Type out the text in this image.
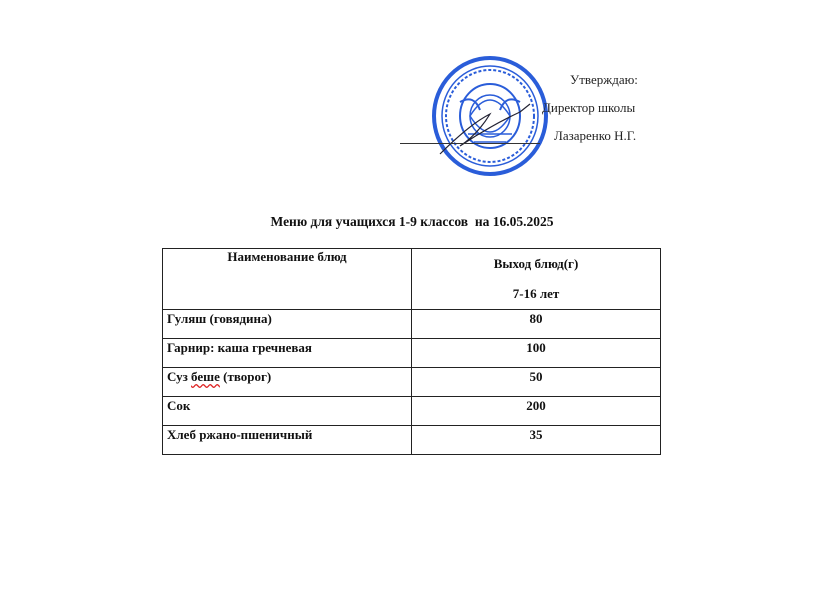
Утверждаю:
Директор школы
Лазаренко Н.Г.
Меню для учащихся 1-9 классов  на 16.05.2025
Наименование блюд	Выход блюд(г)
7-16 лет

Гуляш (говядина)	80
Гарнир: каша гречневая	100
Суз беше (творог)	50
Сок	200
Хлеб ржано-пшеничный	35
